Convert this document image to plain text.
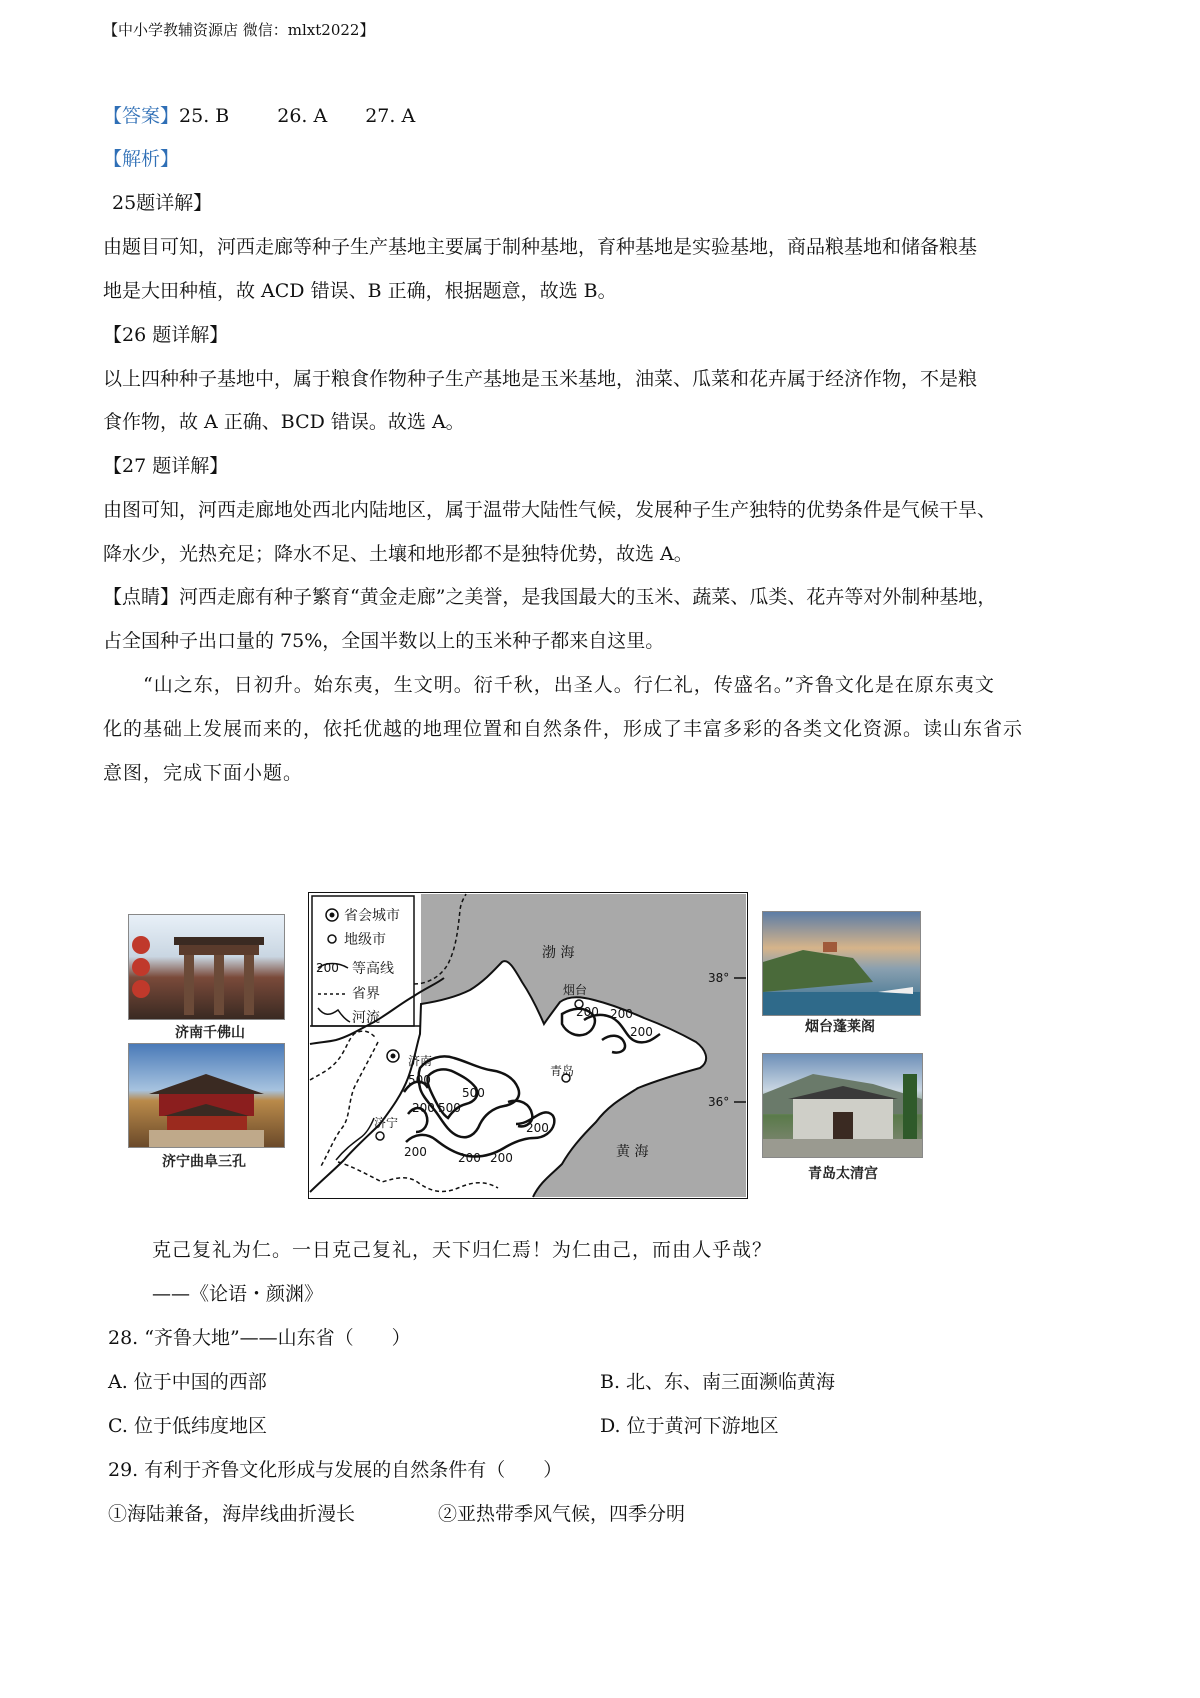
【中小学教辅资源店 微信：mlxt2022】
【答案】25. B	26. A 27. A
【解析】
25题详解】
由题目可知，河西走廊等种子生产基地主要属于制种基地，育种基地是实验基地，商品粮基地和储备粮基
地是大田种植，故 ACD 错误、B 正确，根据题意，故选 B。
【26 题详解】
以上四种种子基地中，属于粮食作物种子生产基地是玉米基地，油菜、瓜菜和花卉属于经济作物，不是粮
食作物，故 A 正确、BCD 错误。故选 A。
【27 题详解】
由图可知，河西走廊地处西北内陆地区，属于温带大陆性气候，发展种子生产独特的优势条件是气候干旱、
降水少，光热充足；降水不足、土壤和地形都不是独特优势，故选 A。
【点睛】河西走廊有种子繁育“黄金走廊”之美誉，是我国最大的玉米、蔬菜、瓜类、花卉等对外制种基地，
占全国种子出口量的 75%，全国半数以上的玉米种子都来自这里。
“山之东，日初升。始东夷，生文明。衍千秋，出圣人。行仁礼，传盛名。”齐鲁文化是在原东夷文
化的基础上发展而来的，依托优越的地理位置和自然条件，形成了丰富多彩的各类文化资源。读山东省示
意图，完成下面小题。
济南千佛山
济宁曲阜三孔
烟台蓬莱阁
青岛太清宫
省会城市
地级市
200 等高线
省界
河流
渤 海
黄 海
济南
烟台
青岛
济宁
38°
36°
200 200
200
500
500
200 500
200
200	200 200
克己复礼为仁。一日克己复礼，天下归仁焉！为仁由己，而由人乎哉？
——《论语・颜渊》
28. “齐鲁大地”——山东省（　　）
A. 位于中国的西部	B. 北、东、南三面濒临黄海
C. 位于低纬度地区	D. 位于黄河下游地区
29. 有利于齐鲁文化形成与发展的自然条件有（　　）
①海陆兼备，海岸线曲折漫长	②亚热带季风气候，四季分明
